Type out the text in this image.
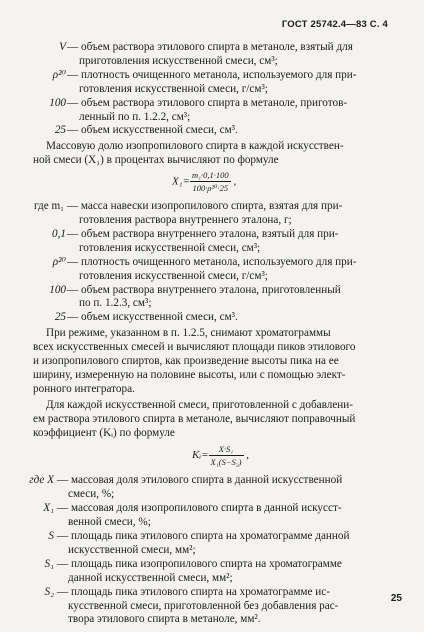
ГОСТ 25742.4—83 С. 4
V — объем раствора этилового спирта в метаноле, взятый для
приготовления искусственной смеси, см³;
ρ²⁰ — плотность очищенного метанола, используемого для при-
готовления искусственной смеси, г/см³;
100 — объем раствора этилового спирта в метаноле, приготов-
ленный по п. 1.2.2, см³;
25 — объем искусственной смеси, см³.
Массовую долю изопропилового спирта в каждой искусствен-
ной смеси (X₁) в процентах вычисляют по формуле
$X_1= \frac{\text{m₁·0,1·100}}{\text{100·ρ²⁰·25}}$ ,
где m₁ — масса навески изопропилового спирта, взятая для при-
готовления раствора внутреннего эталона, г;
0,1 — объем раствора внутреннего эталона, взятый для при-
готовления искусственной смеси, см³;
ρ²⁰ — плотность очищенного метанола, используемого для при-
готовления искусственной смеси, г/см³;
100 — объем раствора внутреннего эталона, приготовленный
по п. 1.2.3, см³;
25 — объем искусственной смеси, см³.
При режиме, указанном в п. 1.2.5, снимают хроматограммы
всех искусственных смесей и вычисляют площади пиков этилового
и изопропилового спиртов, как произведение высоты пика на ее
ширину, измеренную на половине высоты, или с помощью элект-
ронного интегратора.
Для каждой искусственной смеси, приготовленной с добавлени-
ем раствора этилового спирта в метаноле, вычисляют поправочный
коэффициент (Kᵢ) по формуле
Kᵢ= $\frac{\text{X·S₁}}{\text{X₁(S−S₂)}}$ ,
где X — массовая доля этилового спирта в данной искусственной
смеси, %;
X₁ — массовая доля изопропилового спирта в данной искусст-
венной смеси, %;
S — площадь пика этилового спирта на хроматограмме данной
искусственной смеси, мм²;
S₁ — площадь пика изопропилового спирта на хроматограмме
данной искусственной смеси, мм²;
S₂ — площадь пика этилового спирта на хроматограмме ис-
кусственной смеси, приготовленной без добавления рас-
твора этилового спирта в метаноле, мм².
25
